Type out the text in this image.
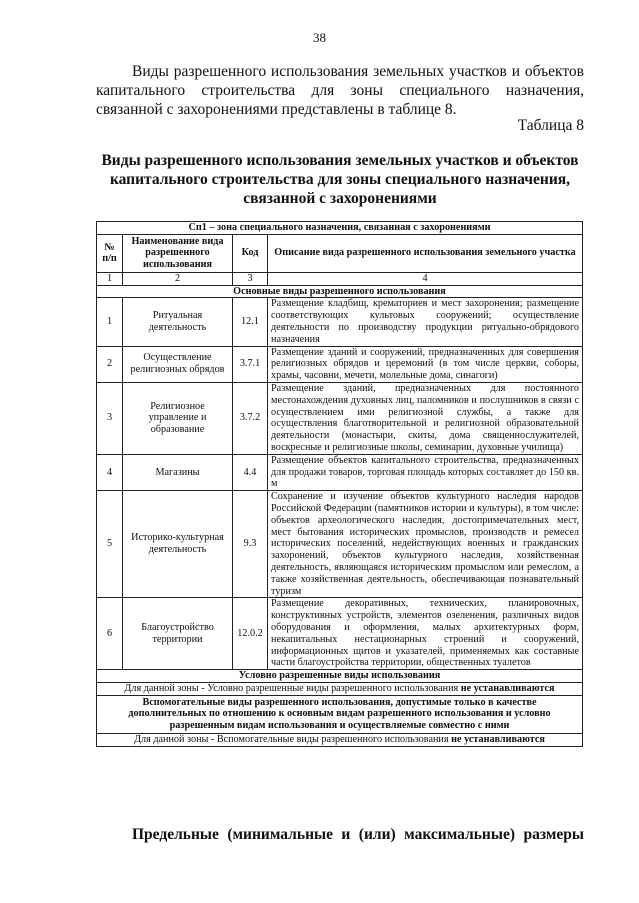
38

Виды разрешенного использования земельных участков и объектов капитального строительства для зоны специального назначения, связанной с захоронениями представлены в таблице 8.

Таблица 8

Виды разрешенного использования земельных участков и объектов капитального строительства для зоны специального назначения, связанной с захоронениями

Сп1 – зона специального назначения, связанная с захоронениями			
№ п/п	Наименование вида разрешенного использования	Код	Описание вида разрешенного использования земельного участка
1	2	3	4
Основные виды разрешенного использования			
1	Ритуальная деятельность	12.1	Размещение кладбищ, крематориев и мест захоронения; размещение соответствующих культовых сооружений; осуществление деятельности по производству продукции ритуально-обрядового назначения
2	Осуществление религиозных обрядов	3.7.1	Размещение зданий и сооружений, предназначенных для совершения религиозных обрядов и церемоний (в том числе церкви, соборы, храмы, часовни, мечети, молельные дома, синагоги)
3	Религиозное управление и образование	3.7.2	Размещение зданий, предназначенных для постоянного местонахождения духовных лиц, паломников и послушников в связи с осуществлением ими религиозной службы, а также для осуществления благотворительной и религиозной образовательной деятельности (монастыри, скиты, дома священнослужителей, воскресные и религиозные школы, семинарии, духовные училища)
4	Магазины	4.4	Размещение объектов капитального строительства, предназначенных для продажи товаров, торговая площадь которых составляет до 150 кв. м
5	Историко-культурная деятельность	9.3	Сохранение и изучение объектов культурного наследия народов Российской Федерации (памятников истории и культуры), в том числе: объектов археологического наследия, достопримечательных мест, мест бытования исторических промыслов, производств и ремесел исторических поселений, недействующих военных и гражданских захоронений, объектов культурного наследия, хозяйственная деятельность, являющаяся историческим промыслом или ремеслом, а также хозяйственная деятельность, обеспечивающая познавательный туризм
6	Благоустройство территории	12.0.2	Размещение декоративных, технических, планировочных, конструктивных устройств, элементов озеленения, различных видов оборудования и оформления, малых архитектурных форм, некапитальных нестационарных строений и сооружений, информационных щитов и указателей, применяемых как составные части благоустройства территории, общественных туалетов
Условно разрешенные виды использования			
Для данной зоны - Условно разрешенные виды разрешенного использования не устанавливаются			
Вспомогательные виды разрешенного использования, допустимые только в качестве дополнительных по отношению к основным видам разрешенного использования и условно разрешенным видам использования и осуществляемые совместно с ними			
Для данной зоны - Вспомогательные виды разрешенного использования не устанавливаются			

Предельные (минимальные и (или) максимальные) размеры
